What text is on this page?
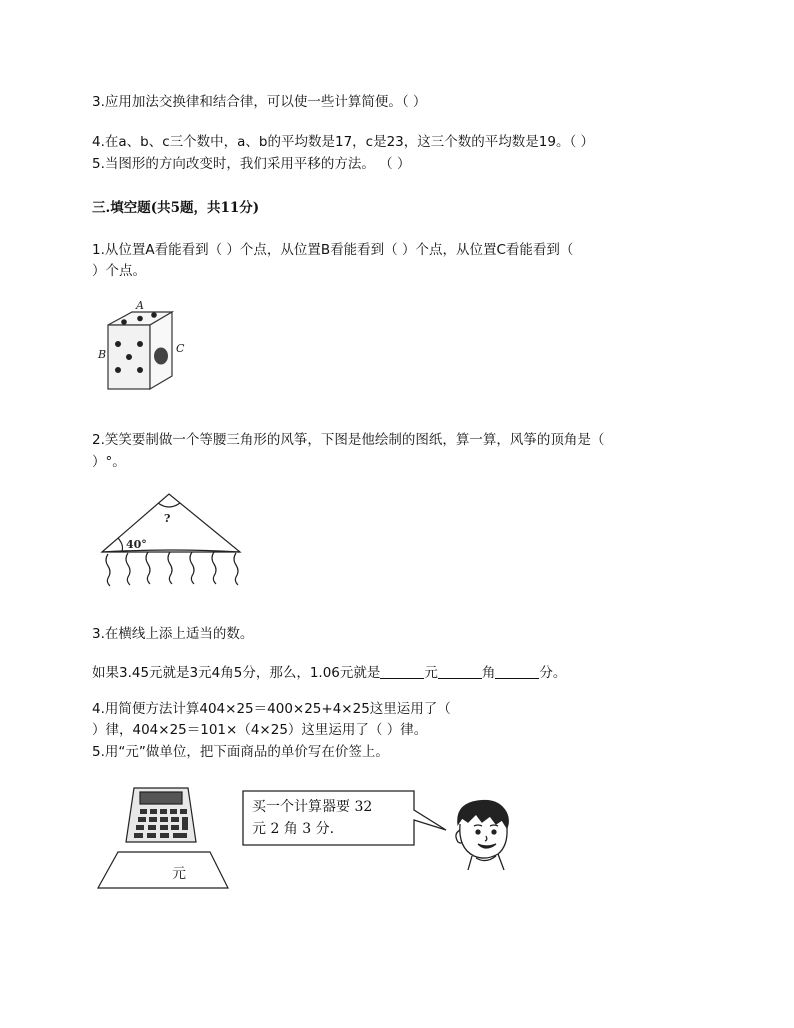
3.应用加法交换律和结合律，可以使一些计算简便。（ ）
4.在a、b、c三个数中，a、b的平均数是17，c是23，这三个数的平均数是19。（ ）
5.当图形的方向改变时，我们采用平移的方法。 （ ）
三.填空题(共5题，共11分)
1.从位置A看能看到（ ）个点，从位置B看能看到（ ）个点，从位置C看能看到（
）个点。
A
B	C
2.笑笑要制做一个等腰三角形的风筝，下图是他绘制的图纸，算一算，风筝的顶角是（
）°。
?
40°
3.在横线上添上适当的数。
如果3.45元就是3元4角5分，那么，1.06元就是	元	角	分。
4.用简便方法计算404×25＝400×25+4×25这里运用了（
）律，404×25＝101×（4×25）这里运用了（ ）律。
5.用“元”做单位，把下面商品的单价写在价签上。
元
买一个计算器要 32
元 2 角 3 分.
